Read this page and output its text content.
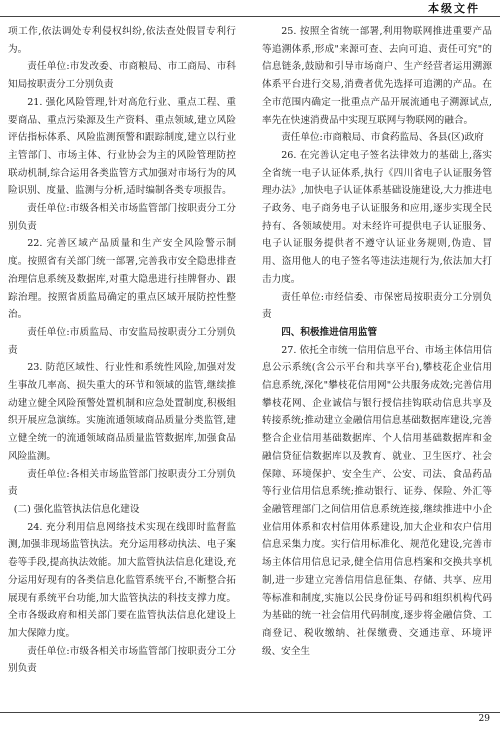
本级文件

项工作,依法调处专利侵权纠纷,依法查处假冒专利行为。

责任单位:市发改委、市商粮局、市工商局、市科知局按职责分工分别负责

21. 强化风险管理,针对高危行业、重点工程、重要商品、重点污染源及生产资料、重点领域,建立风险评估指标体系、风险监测预警和跟踪制度,建立以行业主管部门、市场主体、行业协会为主的风险管理防控联动机制,综合运用各类监管方式加强对市场行为的风险识别、度量、监测与分析,适时编制各类专项报告。

责任单位:市级各相关市场监管部门按职责分工分别负责

22. 完善区域产品质量和生产安全风险警示制度。按照省有关部门统一部署,完善我市安全隐患排查治理信息系统及数据库,对重大隐患进行挂牌督办、跟踪治理。按照省质监局确定的重点区域开展防控性整治。

责任单位:市质监局、市安监局按职责分工分别负责

23. 防范区域性、行业性和系统性风险,加强对发生事故几率高、损失重大的环节和领域的监管,继续推动建立健全风险预警处置机制和应急处置制度,积极组织开展应急演练。实施流通领域商品质量分类监管,建立健全统一的流通领域商品质量监管数据库,加强食品风险监测。

责任单位:各相关市场监管部门按职责分工分别负责

(二) 强化监管执法信息化建设

24. 充分利用信息网络技术实现在线即时监督监测,加强非现场监管执法。充分运用移动执法、电子案卷等手段,提高执法效能。加大监管执法信息化建设,充分运用好现有的各类信息化监管系统平台,不断整合拓展现有系统平台功能,加大监管执法的科技支撑力度。全市各级政府和相关部门要在监管执法信息化建设上加大保障力度。

责任单位:市级各相关市场监管部门按职责分工分别负责

25. 按照全省统一部署,利用物联网推进重要产品等追溯体系,形成"来源可查、去向可追、责任可究"的信息链条,鼓励和引导市场商户、生产经营者运用溯源体系平台进行交易,消费者优先选择可追溯的产品。在全市范围内确定一批重点产品开展流通电子溯源试点,率先在快速消费品中实现互联网与物联网的融合。

责任单位:市商粮局、市食药监局、各县(区)政府

26. 在完善认定电子签名法律效力的基础上,落实全省统一电子认证体系,执行《四川省电子认证服务管理办法》,加快电子认证体系基础设施建设,大力推进电子政务、电子商务电子认证服务和应用,逐步实现全民持有、各领域使用。对未经许可提供电子认证服务、电子认证服务提供者不遵守认证业务规则,伪造、冒用、盗用他人的电子签名等违法违规行为,依法加大打击力度。

责任单位:市经信委、市保密局按职责分工分别负责

四、积极推进信用监管

27. 依托全市统一信用信息平台、市场主体信用信息公示系统(含公示平台和共享平台),攀枝花企业信用信息系统,深化"攀枝花信用网"公共服务成效;完善信用攀枝花网、企业诚信与银行授信挂钩联动信息共享及转接系统;推动建立金融信用信息基础数据库建设,完善整合企业信用基础数据库、个人信用基础数据库和金融信贷征信数据库以及教育、就业、卫生医疗、社会保障、环境保护、安全生产、公安、司法、食品药品等行业信用信息系统;推动银行、证券、保险、外汇等金融管理部门之间信用信息系统连接,继续推进中小企业信用体系和农村信用体系建设,加大企业和农户信用信息采集力度。实行信用标准化、规范化建设,完善市场主体信用信息记录,健全信用信息档案和交换共享机制,进一步建立完善信用信息征集、存储、共享、应用等标准和制度,实施以公民身份证号码和组织机构代码为基础的统一社会信用代码制度,逐步将金融信贷、工商登记、税收缴纳、社保缴费、交通违章、环境评级、安全生

29
